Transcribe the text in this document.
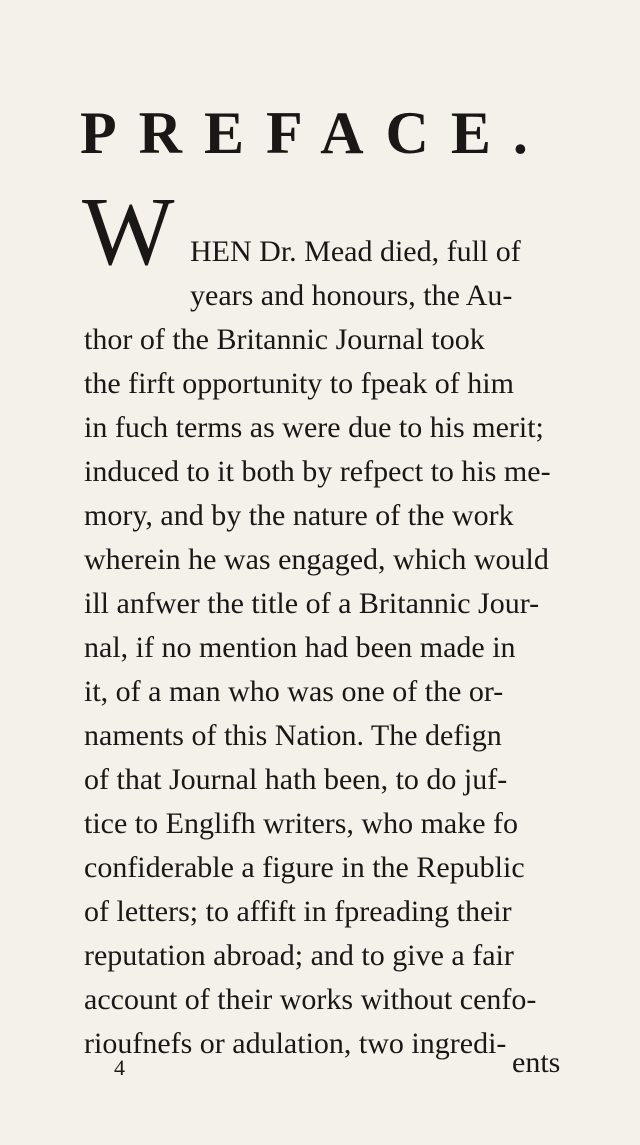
PREFACE.
W HEN Dr. Mead died, full of
years and honours, the Au-
thor of the Britannic Journal took
the firft opportunity to fpeak of him
in fuch terms as were due to his merit;
induced to it both by refpect to his me-
mory, and by the nature of the work
wherein he was engaged, which would
ill anfwer the title of a Britannic Jour-
nal, if no mention had been made in
it, of a man who was one of the or-
naments of this Nation. The defign
of that Journal hath been, to do juf-
tice to Englifh writers, who make fo
confiderable a figure in the Republic
of letters; to affift in fpreading their
reputation abroad; and to give a fair
account of their works without cenfo-
rioufnefs or adulation, two ingredi-
4	ents
